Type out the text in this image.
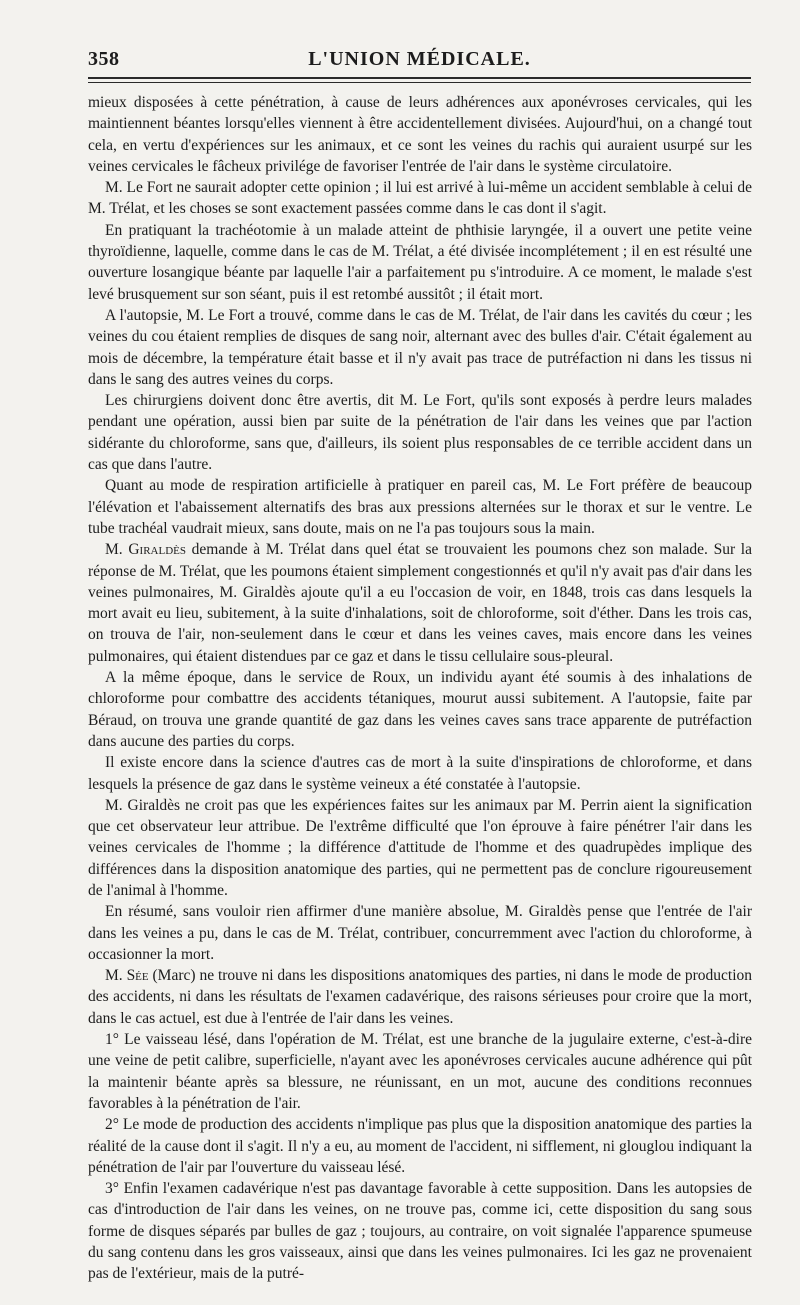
358	L'UNION MÉDICALE.

mieux disposées à cette pénétration, à cause de leurs adhérences aux aponévroses cervicales, qui les maintiennent béantes lorsqu'elles viennent à être accidentellement divisées. Aujourd'hui, on a changé tout cela, en vertu d'expériences sur les animaux, et ce sont les veines du rachis qui auraient usurpé sur les veines cervicales le fâcheux privilége de favoriser l'entrée de l'air dans le système circulatoire.

M. Le Fort ne saurait adopter cette opinion ; il lui est arrivé à lui-même un accident semblable à celui de M. Trélat, et les choses se sont exactement passées comme dans le cas dont il s'agit.

En pratiquant la trachéotomie à un malade atteint de phthisie laryngée, il a ouvert une petite veine thyroïdienne, laquelle, comme dans le cas de M. Trélat, a été divisée incomplétement ; il en est résulté une ouverture losangique béante par laquelle l'air a parfaitement pu s'introduire. A ce moment, le malade s'est levé brusquement sur son séant, puis il est retombé aussitôt ; il était mort.

A l'autopsie, M. Le Fort a trouvé, comme dans le cas de M. Trélat, de l'air dans les cavités du cœur ; les veines du cou étaient remplies de disques de sang noir, alternant avec des bulles d'air. C'était également au mois de décembre, la température était basse et il n'y avait pas trace de putréfaction ni dans les tissus ni dans le sang des autres veines du corps.

Les chirurgiens doivent donc être avertis, dit M. Le Fort, qu'ils sont exposés à perdre leurs malades pendant une opération, aussi bien par suite de la pénétration de l'air dans les veines que par l'action sidérante du chloroforme, sans que, d'ailleurs, ils soient plus responsables de ce terrible accident dans un cas que dans l'autre.

Quant au mode de respiration artificielle à pratiquer en pareil cas, M. Le Fort préfère de beaucoup l'élévation et l'abaissement alternatifs des bras aux pressions alternées sur le thorax et sur le ventre. Le tube trachéal vaudrait mieux, sans doute, mais on ne l'a pas toujours sous la main.

M. Giraldès demande à M. Trélat dans quel état se trouvaient les poumons chez son malade. Sur la réponse de M. Trélat, que les poumons étaient simplement congestionnés et qu'il n'y avait pas d'air dans les veines pulmonaires, M. Giraldès ajoute qu'il a eu l'occasion de voir, en 1848, trois cas dans lesquels la mort avait eu lieu, subitement, à la suite d'inhalations, soit de chloroforme, soit d'éther. Dans les trois cas, on trouva de l'air, non-seulement dans le cœur et dans les veines caves, mais encore dans les veines pulmonaires, qui étaient distendues par ce gaz et dans le tissu cellulaire sous-pleural.

A la même époque, dans le service de Roux, un individu ayant été soumis à des inhalations de chloroforme pour combattre des accidents tétaniques, mourut aussi subitement. A l'autopsie, faite par Béraud, on trouva une grande quantité de gaz dans les veines caves sans trace apparente de putréfaction dans aucune des parties du corps.

Il existe encore dans la science d'autres cas de mort à la suite d'inspirations de chloroforme, et dans lesquels la présence de gaz dans le système veineux a été constatée à l'autopsie.

M. Giraldès ne croit pas que les expériences faites sur les animaux par M. Perrin aient la signification que cet observateur leur attribue. De l'extrême difficulté que l'on éprouve à faire pénétrer l'air dans les veines cervicales de l'homme ; la différence d'attitude de l'homme et des quadrupèdes implique des différences dans la disposition anatomique des parties, qui ne permettent pas de conclure rigoureusement de l'animal à l'homme.

En résumé, sans vouloir rien affirmer d'une manière absolue, M. Giraldès pense que l'entrée de l'air dans les veines a pu, dans le cas de M. Trélat, contribuer, concurremment avec l'action du chloroforme, à occasionner la mort.

M. Sée (Marc) ne trouve ni dans les dispositions anatomiques des parties, ni dans le mode de production des accidents, ni dans les résultats de l'examen cadavérique, des raisons sérieuses pour croire que la mort, dans le cas actuel, est due à l'entrée de l'air dans les veines.

1° Le vaisseau lésé, dans l'opération de M. Trélat, est une branche de la jugulaire externe, c'est-à-dire une veine de petit calibre, superficielle, n'ayant avec les aponévroses cervicales aucune adhérence qui pût la maintenir béante après sa blessure, ne réunissant, en un mot, aucune des conditions reconnues favorables à la pénétration de l'air.

2° Le mode de production des accidents n'implique pas plus que la disposition anatomique des parties la réalité de la cause dont il s'agit. Il n'y a eu, au moment de l'accident, ni sifflement, ni glouglou indiquant la pénétration de l'air par l'ouverture du vaisseau lésé.

3° Enfin l'examen cadavérique n'est pas davantage favorable à cette supposition. Dans les autopsies de cas d'introduction de l'air dans les veines, on ne trouve pas, comme ici, cette disposition du sang sous forme de disques séparés par bulles de gaz ; toujours, au contraire, on voit signalée l'apparence spumeuse du sang contenu dans les gros vaisseaux, ainsi que dans les veines pulmonaires. Ici les gaz ne provenaient pas de l'extérieur, mais de la putré-
